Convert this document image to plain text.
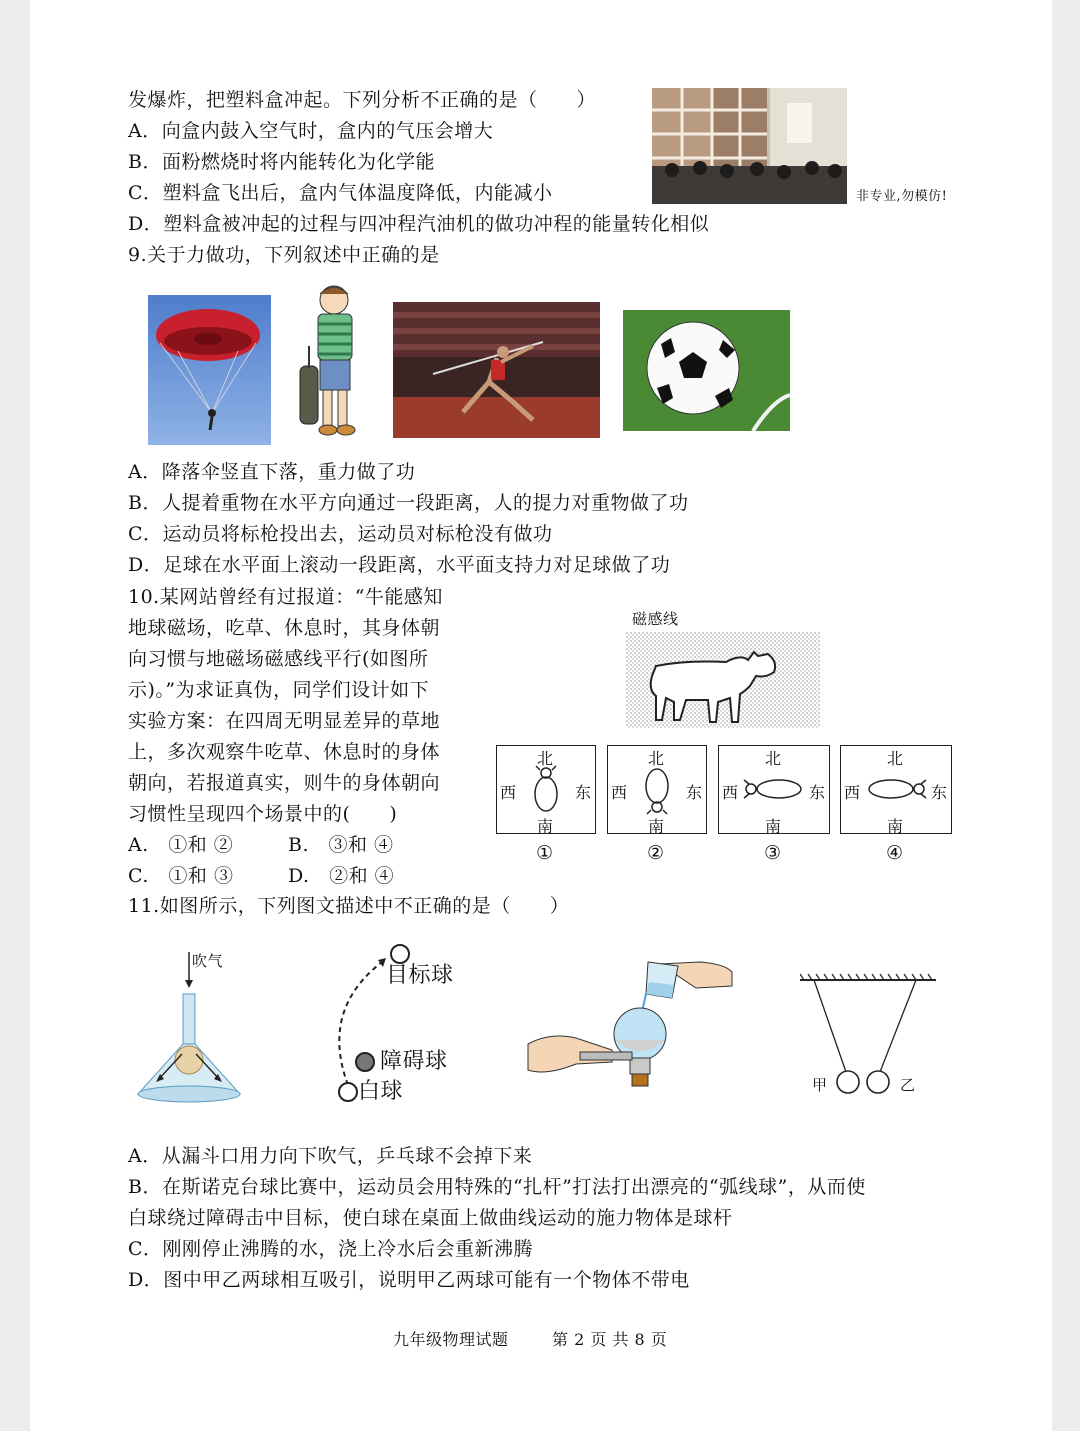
发爆炸，把塑料盒冲起。下列分析不正确的是（　　）
A．向盒内鼓入空气时，盒内的气压会增大
B．面粉燃烧时将内能转化为化学能
C．塑料盒飞出后，盒内气体温度降低，内能减小
D．塑料盒被冲起的过程与四冲程汽油机的做功冲程的能量转化相似
非专业,勿模仿!
9.关于力做功，下列叙述中正确的是
A．降落伞竖直下落，重力做了功
B．人提着重物在水平方向通过一段距离，人的提力对重物做了功
C．运动员将标枪投出去，运动员对标枪没有做功
D．足球在水平面上滚动一段距离，水平面支持力对足球做了功
10.某网站曾经有过报道：“牛能感知
地球磁场，吃草、休息时，其身体朝
向习惯与地磁场磁感线平行(如图所
示)。”为求证真伪，同学们设计如下
实验方案：在四周无明显差异的草地
上，多次观察牛吃草、休息时的身体
朝向，若报道真实，则牛的身体朝向
习惯性呈现四个场景中的(　　)
A.　①和 ②	B.　③和 ④
C.　①和 ③	D.　②和 ④
磁感线
北
南
西	东
北
南
西	东
北
南
西	东
北
南
西	东
①	②	③	④
11.如图所示，下列图文描述中不正确的是（　　）
吹气
目标球
障碍球
白球	甲	乙
A．从漏斗口用力向下吹气，乒乓球不会掉下来
B．在斯诺克台球比赛中，运动员会用特殊的“扎杆”打法打出漂亮的“弧线球”，从而使
白球绕过障碍击中目标，使白球在桌面上做曲线运动的施力物体是球杆
C．刚刚停止沸腾的水，浇上冷水后会重新沸腾
D．图中甲乙两球相互吸引，说明甲乙两球可能有一个物体不带电
九年级物理试题	第 2 页 共 8 页
